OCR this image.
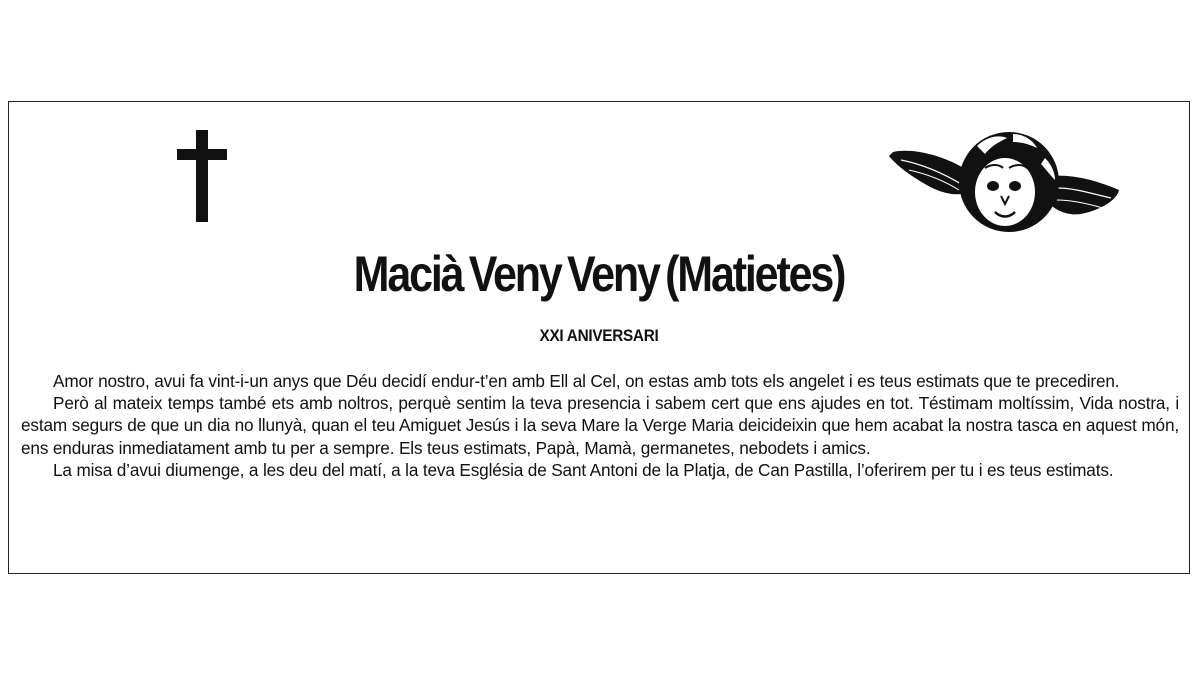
Macià Veny Veny (Matietes)
XXI ANIVERSARI

Amor nostro, avui fa vint-i-un anys que Déu decidí endur-t’en amb Ell al Cel, on estas amb tots els angelet i es teus estimats que te precediren.

Però al mateix temps també ets amb noltros, perquè sentim la teva presencia i sabem cert que ens ajudes en tot. Téstimam moltíssim, Vida nostra, i estam segurs de que un dia no llunyà, quan el teu Amiguet Jesús i la seva Mare la Verge Maria deicideixin que hem acabat la nostra tasca en aquest món, ens enduras inmediatament amb tu per a sempre. Els teus estimats, Papà, Mamà, germanetes, nebodets i amics.

La misa d’avui diumenge, a les deu del matí, a la teva Església de Sant Antoni de la Platja, de Can Pastilla, l’oferirem per tu i es teus estimats.
